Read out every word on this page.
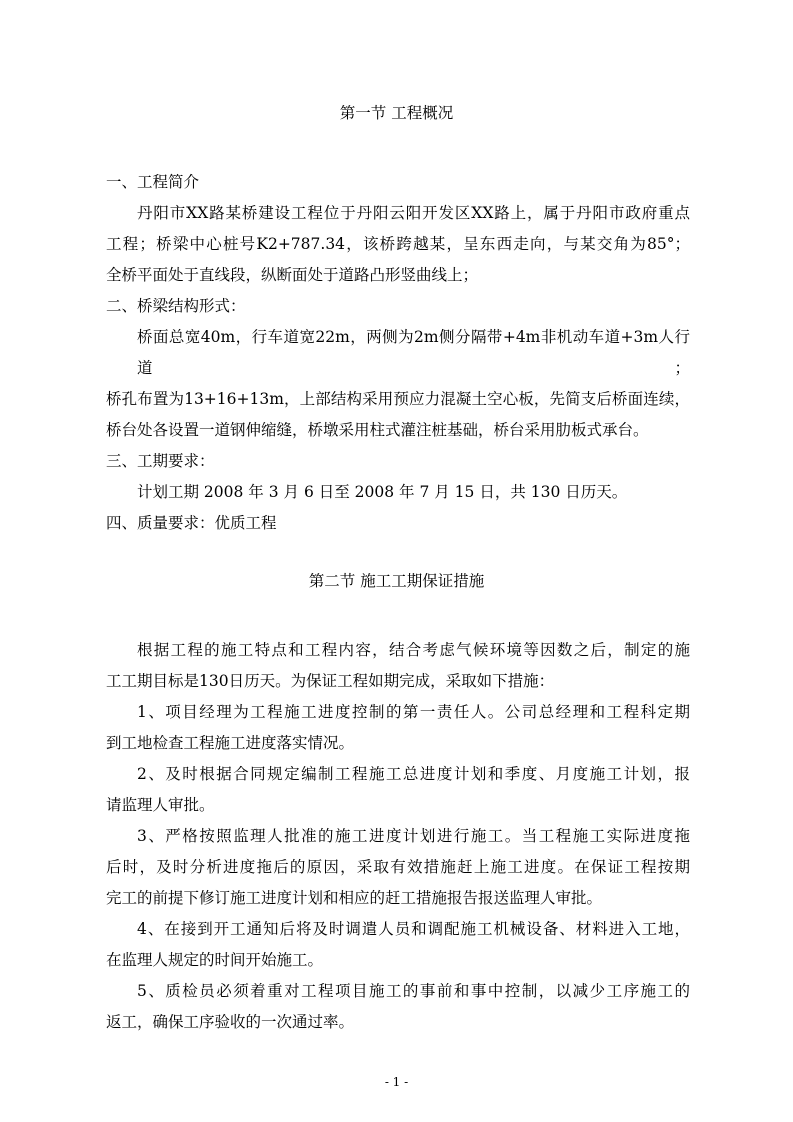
第一节 工程概况
一、工程简介
丹阳市XX路某桥建设工程位于丹阳云阳开发区XX路上，属于丹阳市政府重点
工程；桥梁中心桩号K2+787.34，该桥跨越某，呈东西走向，与某交角为85°；
全桥平面处于直线段，纵断面处于道路凸形竖曲线上；
二、桥梁结构形式：
桥面总宽40m，行车道宽22m，两侧为2m侧分隔带+4m非机动车道+3m人行道；
桥孔布置为13+16+13m，上部结构采用预应力混凝土空心板，先简支后桥面连续，
桥台处各设置一道钢伸缩缝，桥墩采用柱式灌注桩基础，桥台采用肋板式承台。
三、工期要求：
计划工期 2008 年 3 月 6 日至 2008 年 7 月 15 日，共 130 日历天。
四、质量要求：优质工程
第二节 施工工期保证措施
根据工程的施工特点和工程内容，结合考虑气候环境等因数之后，制定的施
工工期目标是130日历天。为保证工程如期完成，采取如下措施：
1、项目经理为工程施工进度控制的第一责任人。公司总经理和工程科定期
到工地检查工程施工进度落实情况。
2、及时根据合同规定编制工程施工总进度计划和季度、月度施工计划，报
请监理人审批。
3、严格按照监理人批准的施工进度计划进行施工。当工程施工实际进度拖
后时，及时分析进度拖后的原因，采取有效措施赶上施工进度。在保证工程按期
完工的前提下修订施工进度计划和相应的赶工措施报告报送监理人审批。
4、在接到开工通知后将及时调遣人员和调配施工机械设备、材料进入工地，
在监理人规定的时间开始施工。
5、质检员必须着重对工程项目施工的事前和事中控制，以减少工序施工的
返工，确保工序验收的一次通过率。
- 1 -
